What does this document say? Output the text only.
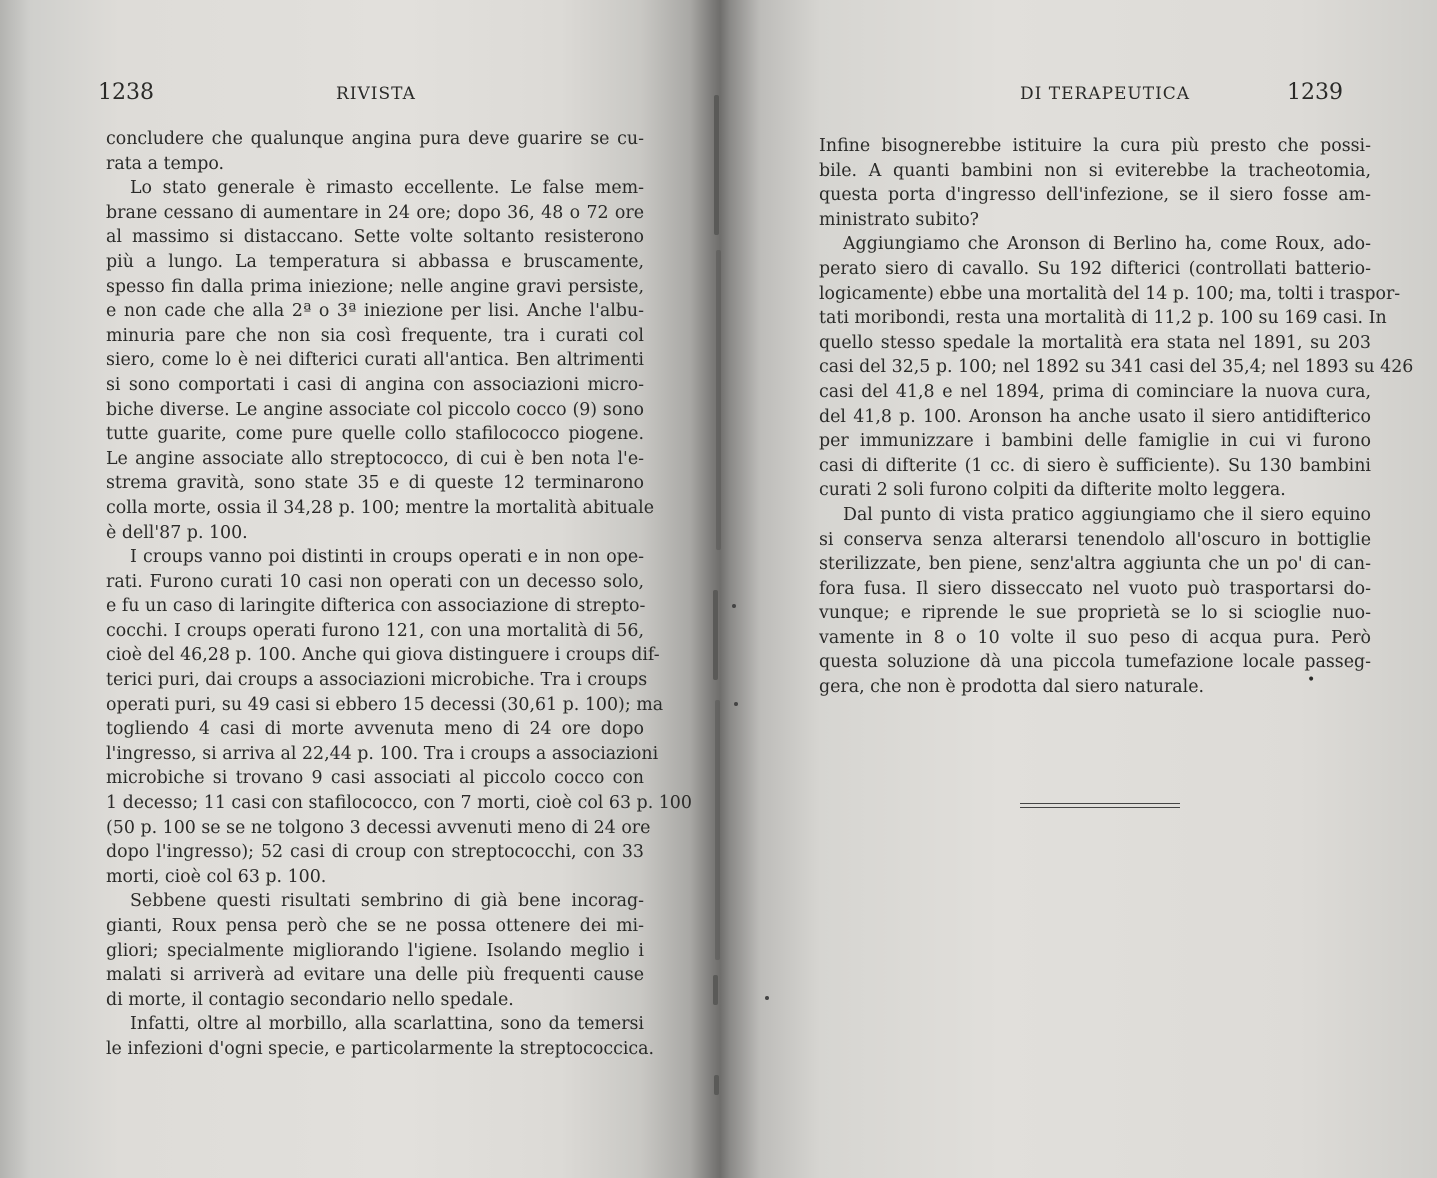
1238	RIVISTA
concludere che qualunque angina pura deve guarire se cu-
rata a tempo.
Lo stato generale è rimasto eccellente. Le false mem-
brane cessano di aumentare in 24 ore; dopo 36, 48 o 72 ore
al massimo si distaccano. Sette volte soltanto resisterono
più a lungo. La temperatura si abbassa e bruscamente,
spesso fin dalla prima iniezione; nelle angine gravi persiste,
e non cade che alla 2ª o 3ª iniezione per lisi. Anche l'albu-
minuria pare che non sia così frequente, tra i curati col
siero, come lo è nei difterici curati all'antica. Ben altrimenti
si sono comportati i casi di angina con associazioni micro-
biche diverse. Le angine associate col piccolo cocco (9) sono
tutte guarite, come pure quelle collo stafilococco piogene.
Le angine associate allo streptococco, di cui è ben nota l'e-
strema gravità, sono state 35 e di queste 12 terminarono
colla morte, ossia il 34,28 p. 100; mentre la mortalità abituale
è dell'87 p. 100.
I croups vanno poi distinti in croups operati e in non ope-
rati. Furono curati 10 casi non operati con un decesso solo,
e fu un caso di laringite difterica con associazione di strepto-
cocchi. I croups operati furono 121, con una mortalità di 56,
cioè del 46,28 p. 100. Anche qui giova distinguere i croups dif-
terici puri, dai croups a associazioni microbiche. Tra i croups
operati puri, su 49 casi si ebbero 15 decessi (30,61 p. 100); ma
togliendo 4 casi di morte avvenuta meno di 24 ore dopo
l'ingresso, si arriva al 22,44 p. 100. Tra i croups a associazioni
microbiche si trovano 9 casi associati al piccolo cocco con
1 decesso; 11 casi con stafilococco, con 7 morti, cioè col 63 p. 100
(50 p. 100 se se ne tolgono 3 decessi avvenuti meno di 24 ore
dopo l'ingresso); 52 casi di croup con streptococchi, con 33
morti, cioè col 63 p. 100.
Sebbene questi risultati sembrino di già bene incorag-
gianti, Roux pensa però che se ne possa ottenere dei mi-
gliori; specialmente migliorando l'igiene. Isolando meglio i
malati si arriverà ad evitare una delle più frequenti cause
di morte, il contagio secondario nello spedale.
Infatti, oltre al morbillo, alla scarlattina, sono da temersi
le infezioni d'ogni specie, e particolarmente la streptococcica.
DI TERAPEUTICA	1239
Infine bisognerebbe istituire la cura più presto che possi-
bile. A quanti bambini non si eviterebbe la tracheotomia,
questa porta d'ingresso dell'infezione, se il siero fosse am-
ministrato subito?
Aggiungiamo che Aronson di Berlino ha, come Roux, ado-
perato siero di cavallo. Su 192 difterici (controllati batterio-
logicamente) ebbe una mortalità del 14 p. 100; ma, tolti i traspor-
tati moribondi, resta una mortalità di 11,2 p. 100 su 169 casi. In
quello stesso spedale la mortalità era stata nel 1891, su 203
casi del 32,5 p. 100; nel 1892 su 341 casi del 35,4; nel 1893 su 426
casi del 41,8 e nel 1894, prima di cominciare la nuova cura,
del 41,8 p. 100. Aronson ha anche usato il siero antidifterico
per immunizzare i bambini delle famiglie in cui vi furono
casi di difterite (1 cc. di siero è sufficiente). Su 130 bambini
curati 2 soli furono colpiti da difterite molto leggera.
Dal punto di vista pratico aggiungiamo che il siero equino
si conserva senza alterarsi tenendolo all'oscuro in bottiglie
sterilizzate, ben piene, senz'altra aggiunta che un po' di can-
fora fusa. Il siero disseccato nel vuoto può trasportarsi do-
vunque; e riprende le sue proprietà se lo si scioglie nuo-
vamente in 8 o 10 volte il suo peso di acqua pura. Però
questa soluzione dà una piccola tumefazione locale passeg-
gera, che non è prodotta dal siero naturale.	•
